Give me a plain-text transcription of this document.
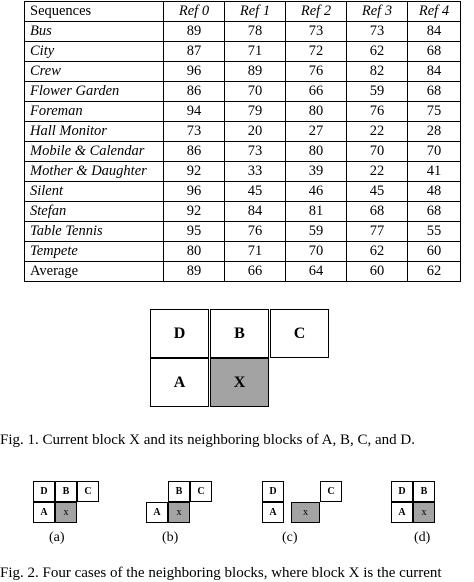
Sequences	Ref 0	Ref 1	Ref 2	Ref 3	Ref 4
Bus	89	78	73	73	84
City	87	71	72	62	68
Crew	96	89	76	82	84
Flower Garden	86	70	66	59	68
Foreman	94	79	80	76	75
Hall Monitor	73	20	27	22	28
Mobile & Calendar	86	73	80	70	70
Mother & Daughter	92	33	39	22	41
Silent	96	45	46	45	48
Stefan	92	84	81	68	68
Table Tennis	95	76	59	77	55
Tempete	80	71	70	62	60
Average	89	66	64	60	62
D	B	C
A	X
Fig. 1. Current block X and its neighboring blocks of A, B, C, and D.
D	B	C
A	x
(a)
B	C
A	x
(b)
D	C
A	x
(c)
D	B
A	x
(d)
Fig. 2. Four cases of the neighboring blocks, where block X is the current
